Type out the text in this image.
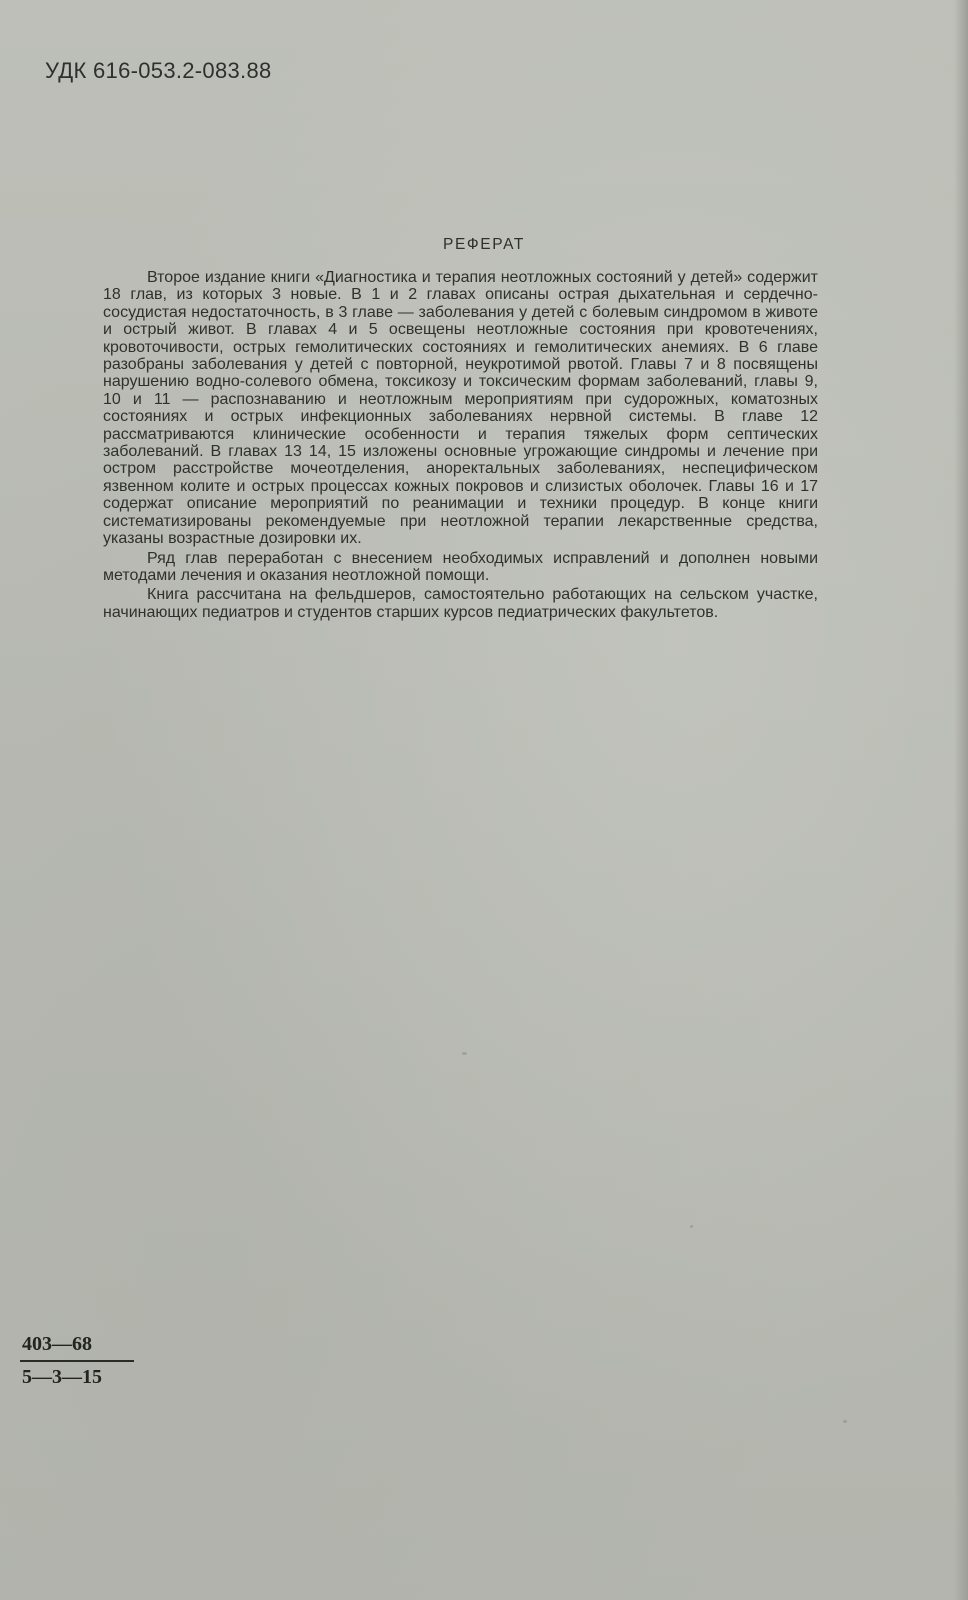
УДК 616-053.2-083.88
РЕФЕРАТ

Второе издание книги «Диагностика и терапия неотложных состояний у детей» содержит 18 глав, из которых 3 новые. В 1 и 2 главах описаны острая дыхательная и сердечно-сосудистая недостаточность, в 3 главе — заболевания у детей с болевым синдромом в животе и острый живот. В главах 4 и 5 освещены неотложные состояния при кровотечениях, кровоточивости, острых гемолитических состояниях и гемолитических анемиях. В 6 главе разобраны заболевания у детей с повторной, неукротимой рвотой. Главы 7 и 8 посвящены нарушению водно-солевого обмена, токсикозу и токсическим формам заболеваний, главы 9, 10 и 11 — распознаванию и неотложным мероприятиям при судорожных, коматозных состояниях и острых инфекционных заболеваниях нервной системы. В главе 12 рассматриваются клинические особенности и терапия тяжелых форм септических заболеваний. В главах 13 14, 15 изложены основные угрожающие синдромы и лечение при остром расстройстве мочеотделения, аноректальных заболеваниях, неспецифическом язвенном колите и острых процессах кожных покровов и слизистых оболочек. Главы 16 и 17 содержат описание мероприятий по реанимации и техники процедур. В конце книги систематизированы рекомендуемые при неотложной терапии лекарственные средства, указаны возрастные дозировки их.

Ряд глав переработан с внесением необходимых исправлений и дополнен новыми методами лечения и оказания неотложной помощи.

Книга рассчитана на фельдшеров, самостоятельно работающих на сельском участке, начинающих педиатров и студентов старших курсов педиатрических факультетов.

$\frac{403—68}{5—3—15}$
